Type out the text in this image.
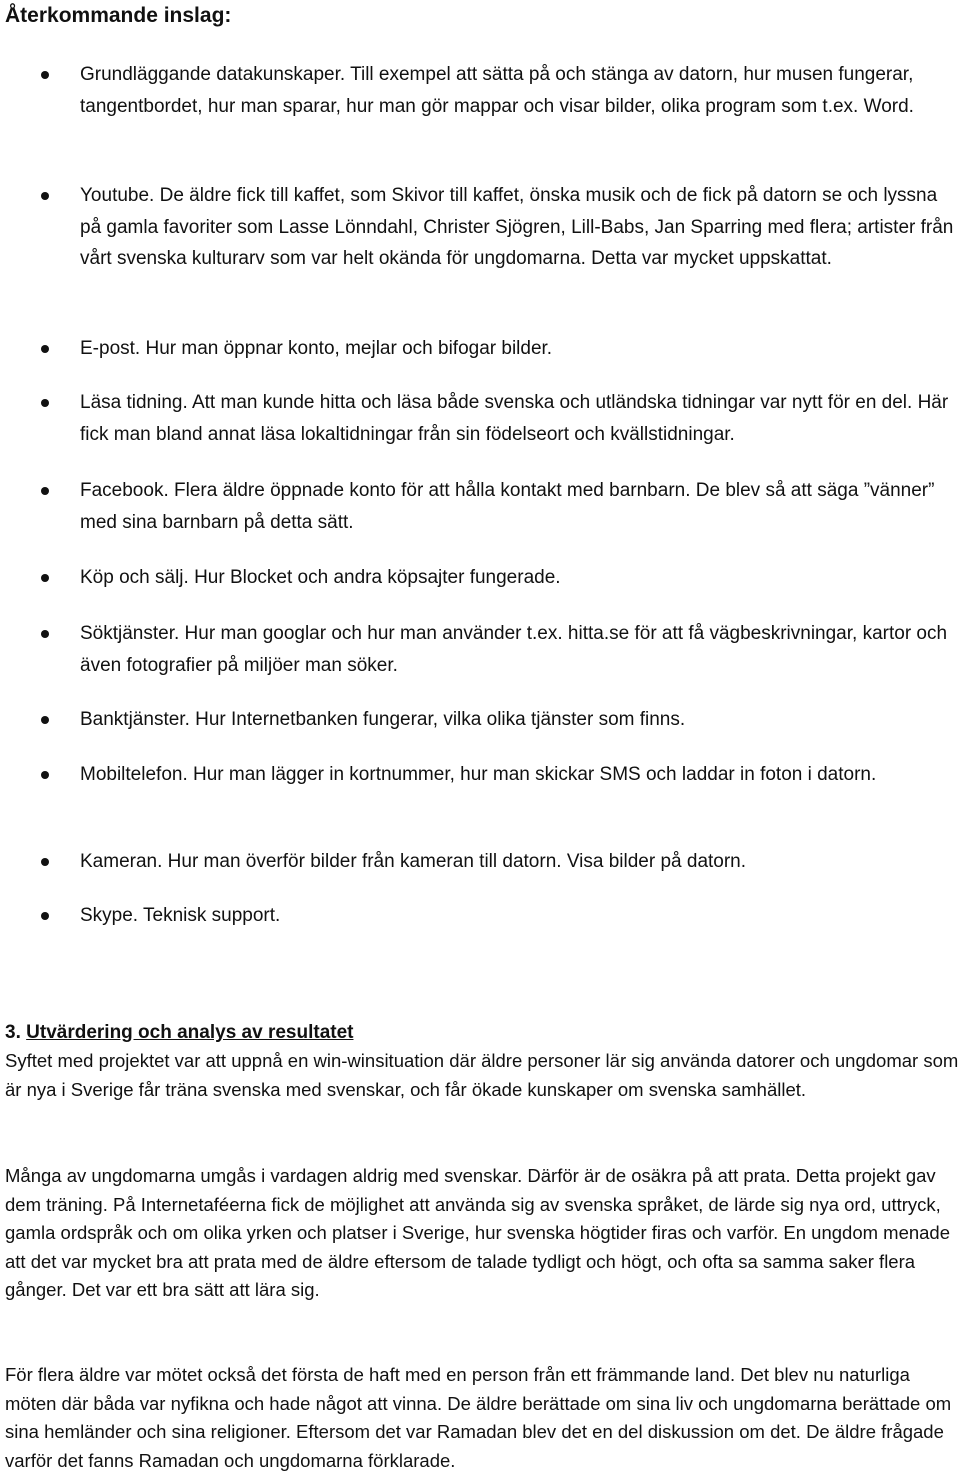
Återkommande inslag:
Grundläggande datakunskaper. Till exempel att sätta på och stänga av datorn, hur musen fungerar, tangentbordet, hur man sparar, hur man gör mappar och visar bilder, olika program som t.ex. Word.
Youtube. De äldre fick till kaffet, som Skivor till kaffet, önska musik och de fick på datorn se och lyssna på gamla favoriter som Lasse Lönndahl, Christer Sjögren, Lill-Babs, Jan Sparring med flera; artister från vårt svenska kulturarv som var helt okända för ungdomarna. Detta var mycket uppskattat.
E-post. Hur man öppnar konto, mejlar och bifogar bilder.
Läsa tidning. Att man kunde hitta och läsa både svenska och utländska tidningar var nytt för en del. Här fick man bland annat läsa lokaltidningar från sin födelseort och kvällstidningar.
Facebook. Flera äldre öppnade konto för att hålla kontakt med barnbarn. De blev så att säga ”vänner” med sina barnbarn på detta sätt.
Köp och sälj. Hur Blocket och andra köpsajter fungerade.
Söktjänster. Hur man googlar och hur man använder t.ex. hitta.se för att få vägbeskrivningar, kartor och även fotografier på miljöer man söker.
Banktjänster. Hur Internetbanken fungerar, vilka olika tjänster som finns.
Mobiltelefon. Hur man lägger in kortnummer, hur man skickar SMS och laddar in foton i datorn.
Kameran. Hur man överför bilder från kameran till datorn. Visa bilder på datorn.
Skype. Teknisk support.
3. Utvärdering och analys av resultatet

Syftet med projektet var att uppnå en win-winsituation där äldre personer lär sig använda datorer och ungdomar som är nya i Sverige får träna svenska med svenskar, och får ökade kunskaper om svenska samhället.

Många av ungdomarna umgås i vardagen aldrig med svenskar. Därför är de osäkra på att prata. Detta projekt gav dem träning. På Internetaféerna fick de möjlighet att använda sig av svenska språket, de lärde sig nya ord, uttryck, gamla ordspråk och om olika yrken och platser i Sverige, hur svenska högtider firas och varför. En ungdom menade att det var mycket bra att prata med de äldre eftersom de talade tydligt och högt, och ofta sa samma saker flera gånger. Det var ett bra sätt att lära sig.

För flera äldre var mötet också det första de haft med en person från ett främmande land. Det blev nu naturliga möten där båda var nyfikna och hade något att vinna. De äldre berättade om sina liv och ungdomarna berättade om sina hemländer och sina religioner. Eftersom det var Ramadan blev det en del diskussion om det. De äldre frågade varför det fanns Ramadan och ungdomarna förklarade.
